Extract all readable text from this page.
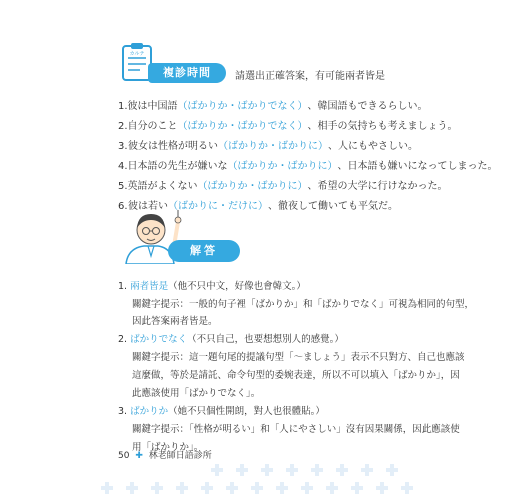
カルテ
複診時間	請選出正確答案，有可能兩者皆是
1. 彼は中国語 （ばかりか・ばかりでなく） 、韓国語もできるらしい。
2. 自分のこと （ばかりか・ばかりでなく） 、相手の気持ちも考えましょう。
3. 彼女は性格が明るい （ばかりか・ばかりに） 、人にもやさしい。
4. 日本語の先生が嫌いな （ばかりか・ばかりに） 、日本語も嫌いになってしまった。
5. 英語がよくない （ばかりか・ばかりに） 、希望の大学に行けなかった。
6. 彼は若い （ばかりに・だけに） 、徹夜して働いても平気だ。
解答
1. 兩者皆是（他不只中文，好像也會韓文。）
關鍵字提示：一般的句子裡「ばかりか」和「ばかりでなく」可視為相同的句型，
因此答案兩者皆是。
2. ばかりでなく（不只自己，也要想想別人的感覺。）
關鍵字提示：這一題句尾的提議句型「～ましょう」表示不只對方、自己也應該
這麼做，等於是請託、命令句型的委婉表達，所以不可以填入「ばかりか」，因
此應該使用「ばかりでなく」。
3. ばかりか（她不只個性開朗，對人也很體貼。）
關鍵字提示：「性格が明るい」和「人にやさしい」沒有因果關係，因此應該使
用「ばかりか」。
50 ✚ 林老師日語診所
